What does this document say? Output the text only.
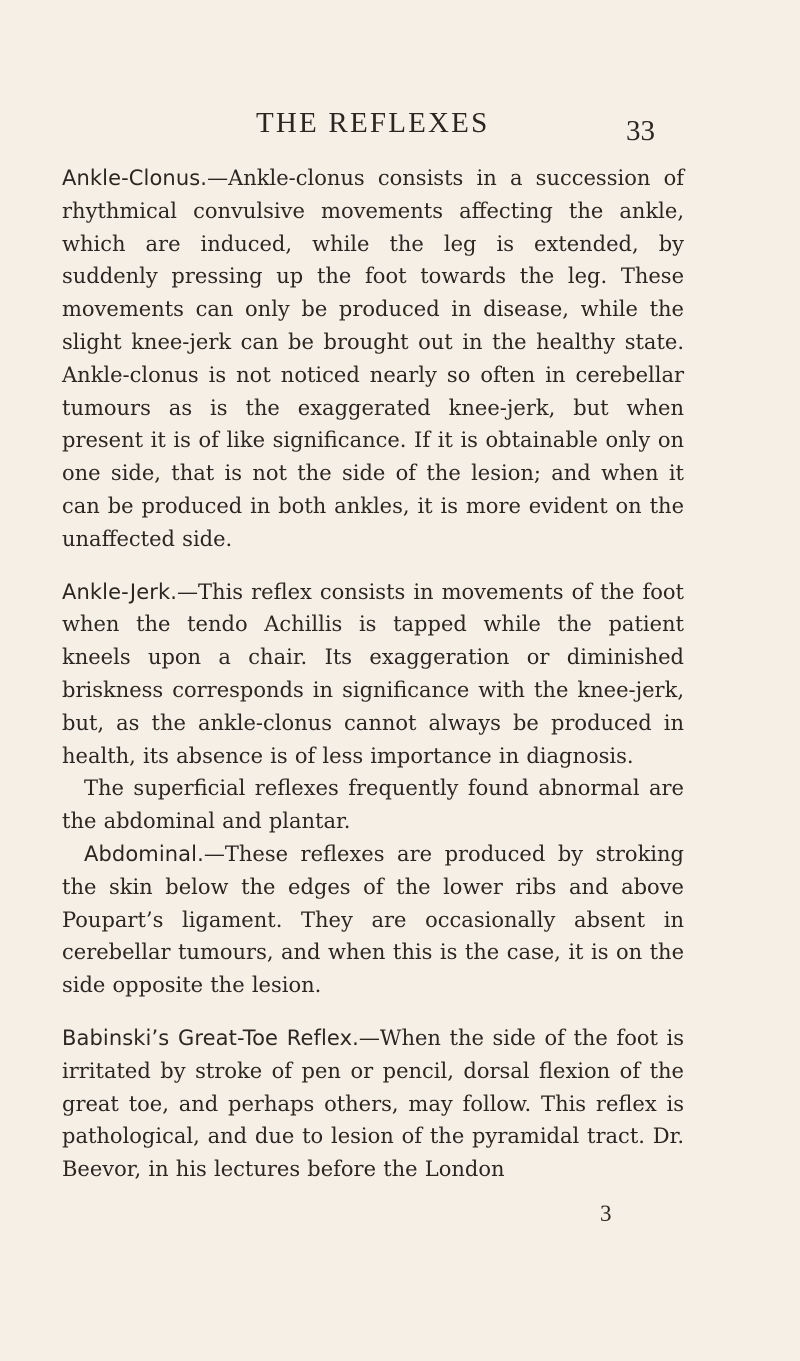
THE REFLEXES	33

Ankle-Clonus.—Ankle-clonus consists in a succession of rhythmical convulsive movements affecting the ankle, which are induced, while the leg is extended, by suddenly pressing up the foot towards the leg. These movements can only be produced in disease, while the slight knee-jerk can be brought out in the healthy state. Ankle-clonus is not noticed nearly so often in cerebellar tumours as is the exaggerated knee-jerk, but when present it is of like significance. If it is obtainable only on one side, that is not the side of the lesion; and when it can be produced in both ankles, it is more evident on the unaffected side.

Ankle-Jerk.—This reflex consists in movements of the foot when the tendo Achillis is tapped while the patient kneels upon a chair. Its exaggeration or diminished briskness corresponds in significance with the knee-jerk, but, as the ankle-clonus cannot always be produced in health, its absence is of less importance in diagnosis.

The superficial reflexes frequently found abnormal are the abdominal and plantar.

Abdominal.—These reflexes are produced by stroking the skin below the edges of the lower ribs and above Poupart’s ligament. They are occasionally absent in cerebellar tumours, and when this is the case, it is on the side opposite the lesion.

Babinski’s Great-Toe Reflex.—When the side of the foot is irritated by stroke of pen or pencil, dorsal flexion of the great toe, and perhaps others, may follow. This reflex is pathological, and due to lesion of the pyramidal tract. Dr. Beevor, in his lectures before the London

3
